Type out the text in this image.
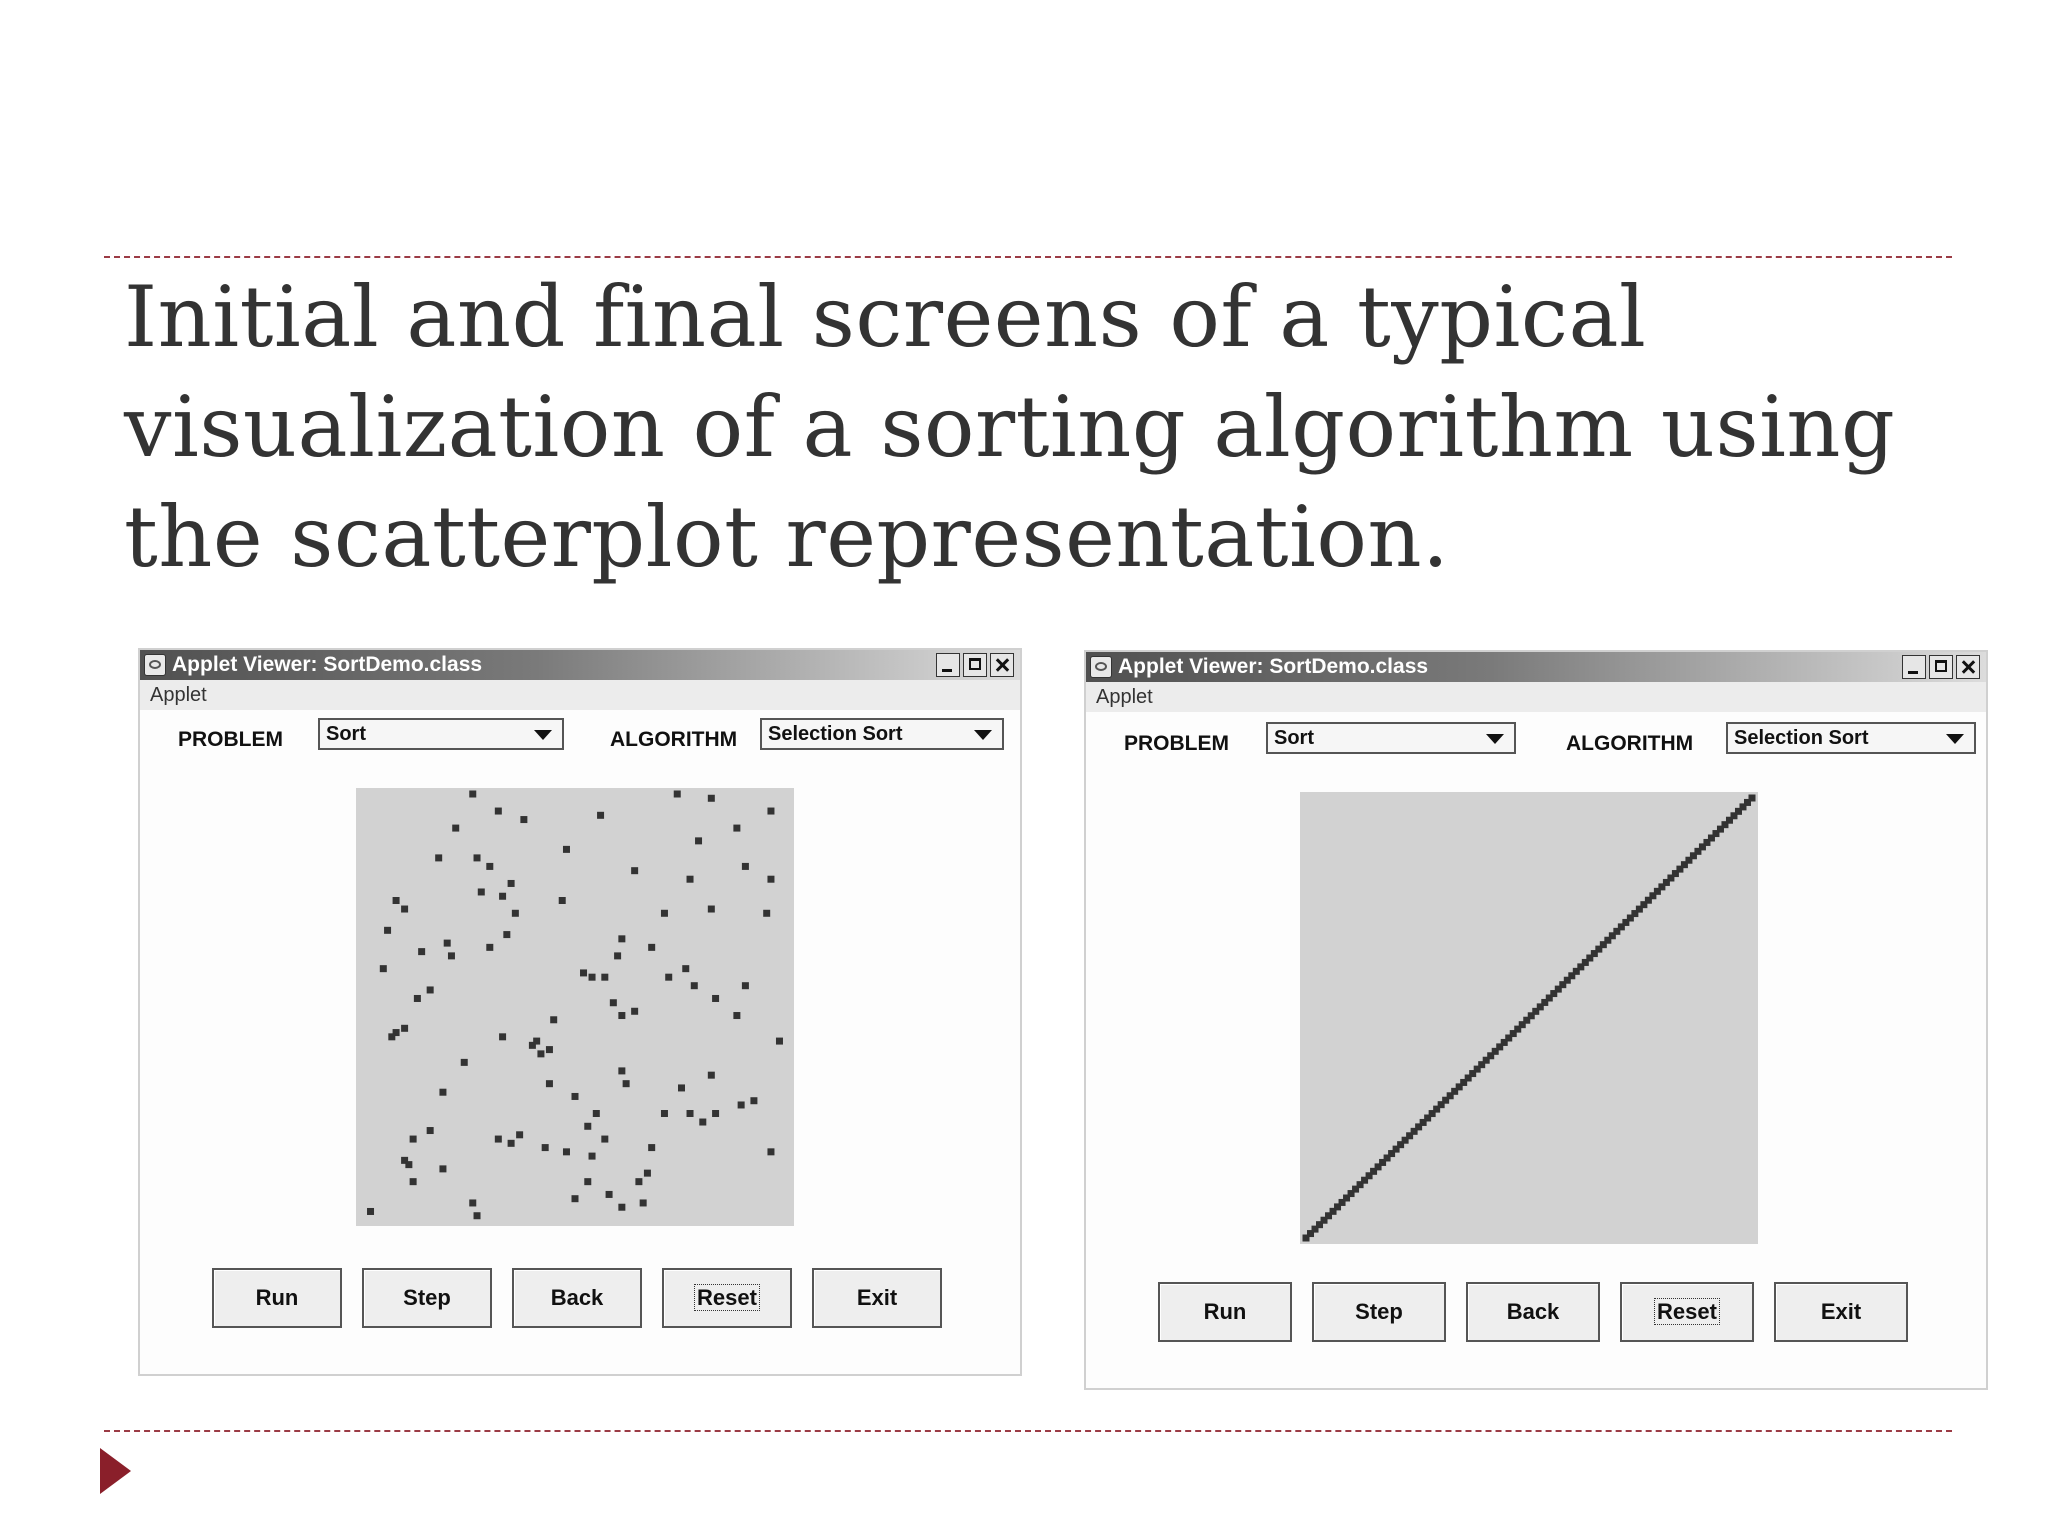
Initial and final screens of a typical visualization of a sorting algorithm using the scatterplot representation.
Applet Viewer: SortDemo.class
Applet
PROBLEM Sort	ALGORITHM Selection Sort
Run	Step	Back	Reset	Exit
Applet Viewer: SortDemo.class
Applet
PROBLEM Sort	ALGORITHM Selection Sort
Run	Step	Back	Reset	Exit
